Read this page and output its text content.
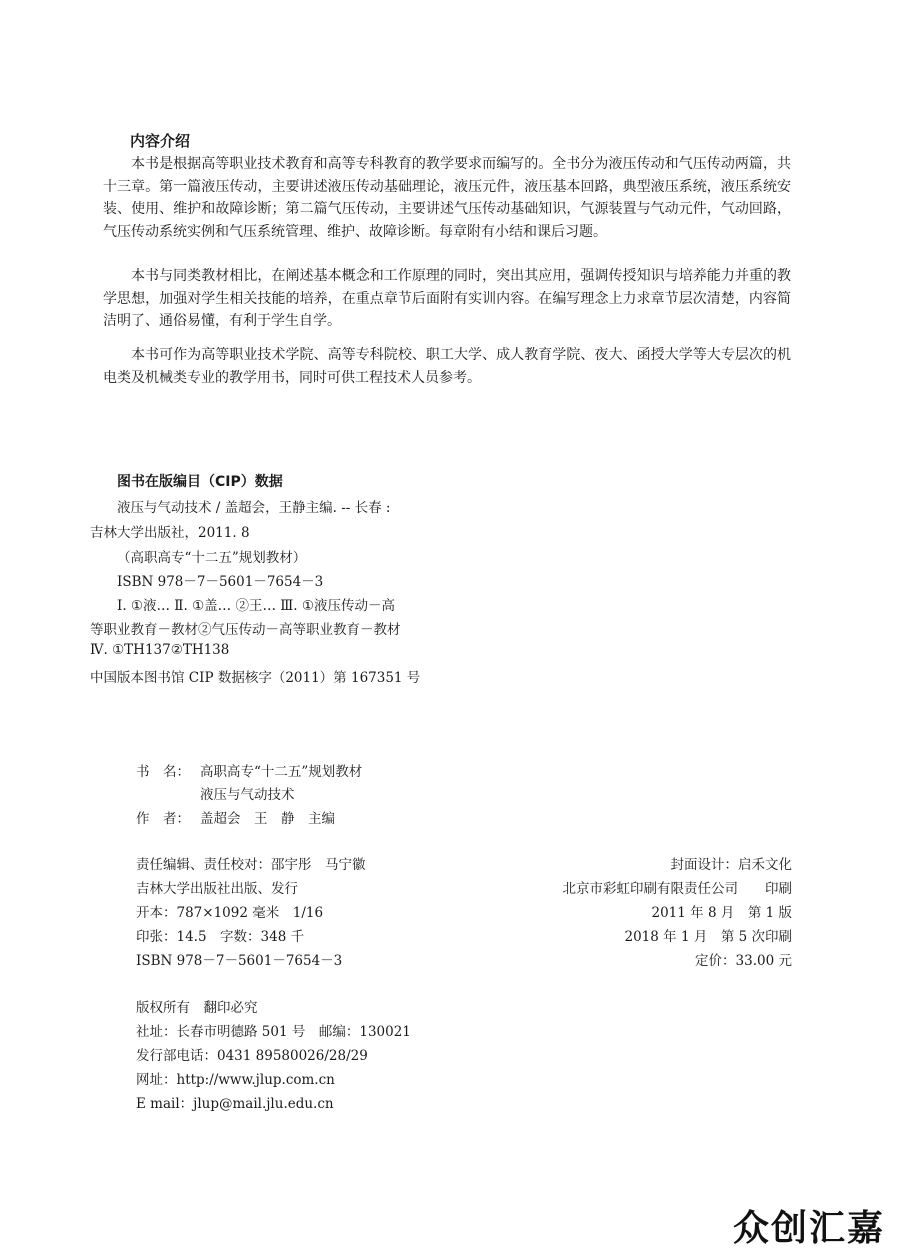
内容介绍

本书是根据高等职业技术教育和高等专科教育的教学要求而编写的。全书分为液压传动和气压传动两篇，共十三章。第一篇液压传动，主要讲述液压传动基础理论，液压元件，液压基本回路，典型液压系统，液压系统安装、使用、维护和故障诊断；第二篇气压传动，主要讲述气压传动基础知识，气源装置与气动元件，气动回路，气压传动系统实例和气压系统管理、维护、故障诊断。每章附有小结和课后习题。

本书与同类教材相比，在阐述基本概念和工作原理的同时，突出其应用，强调传授知识与培养能力并重的教学思想，加强对学生相关技能的培养，在重点章节后面附有实训内容。在编写理念上力求章节层次清楚，内容简洁明了、通俗易懂，有利于学生自学。

本书可作为高等职业技术学院、高等专科院校、职工大学、成人教育学院、夜大、函授大学等大专层次的机电类及机械类专业的教学用书，同时可供工程技术人员参考。

图书在版编目（CIP）数据
液压与气动技术 / 盖超会，王静主编. -- 长春 :
吉林大学出版社，2011. 8
（高职高专“十二五”规划教材）
ISBN 978－7－5601－7654－3
Ⅰ. ①液… Ⅱ. ①盖… ②王… Ⅲ. ①液压传动－高
等职业教育－教材②气压传动－高等职业教育－教材
Ⅳ. ①TH137②TH138
中国版本图书馆 CIP 数据核字（2011）第 167351 号
书　名： 高职高专“十二五”规划教材
液压与气动技术
作　者： 盖超会　王　静　主编
责任编辑、责任校对：邵宇彤　马宁徽	封面设计：启禾文化
吉林大学出版社出版、发行	北京市彩虹印刷有限责任公司　　印刷
开本：787×1092 毫米　1/16	2011 年 8 月　第 1 版
印张：14.5　字数：348 千	2018 年 1 月　第 5 次印刷
ISBN 978－7－5601－7654－3	定价：33.00 元
版权所有　翻印必究
社址：长春市明德路 501 号　邮编：130021
发行部电话：0431 89580026/28/29
网址：http://www.jlup.com.cn
E mail：jlup@mail.jlu.edu.cn
众创汇嘉
